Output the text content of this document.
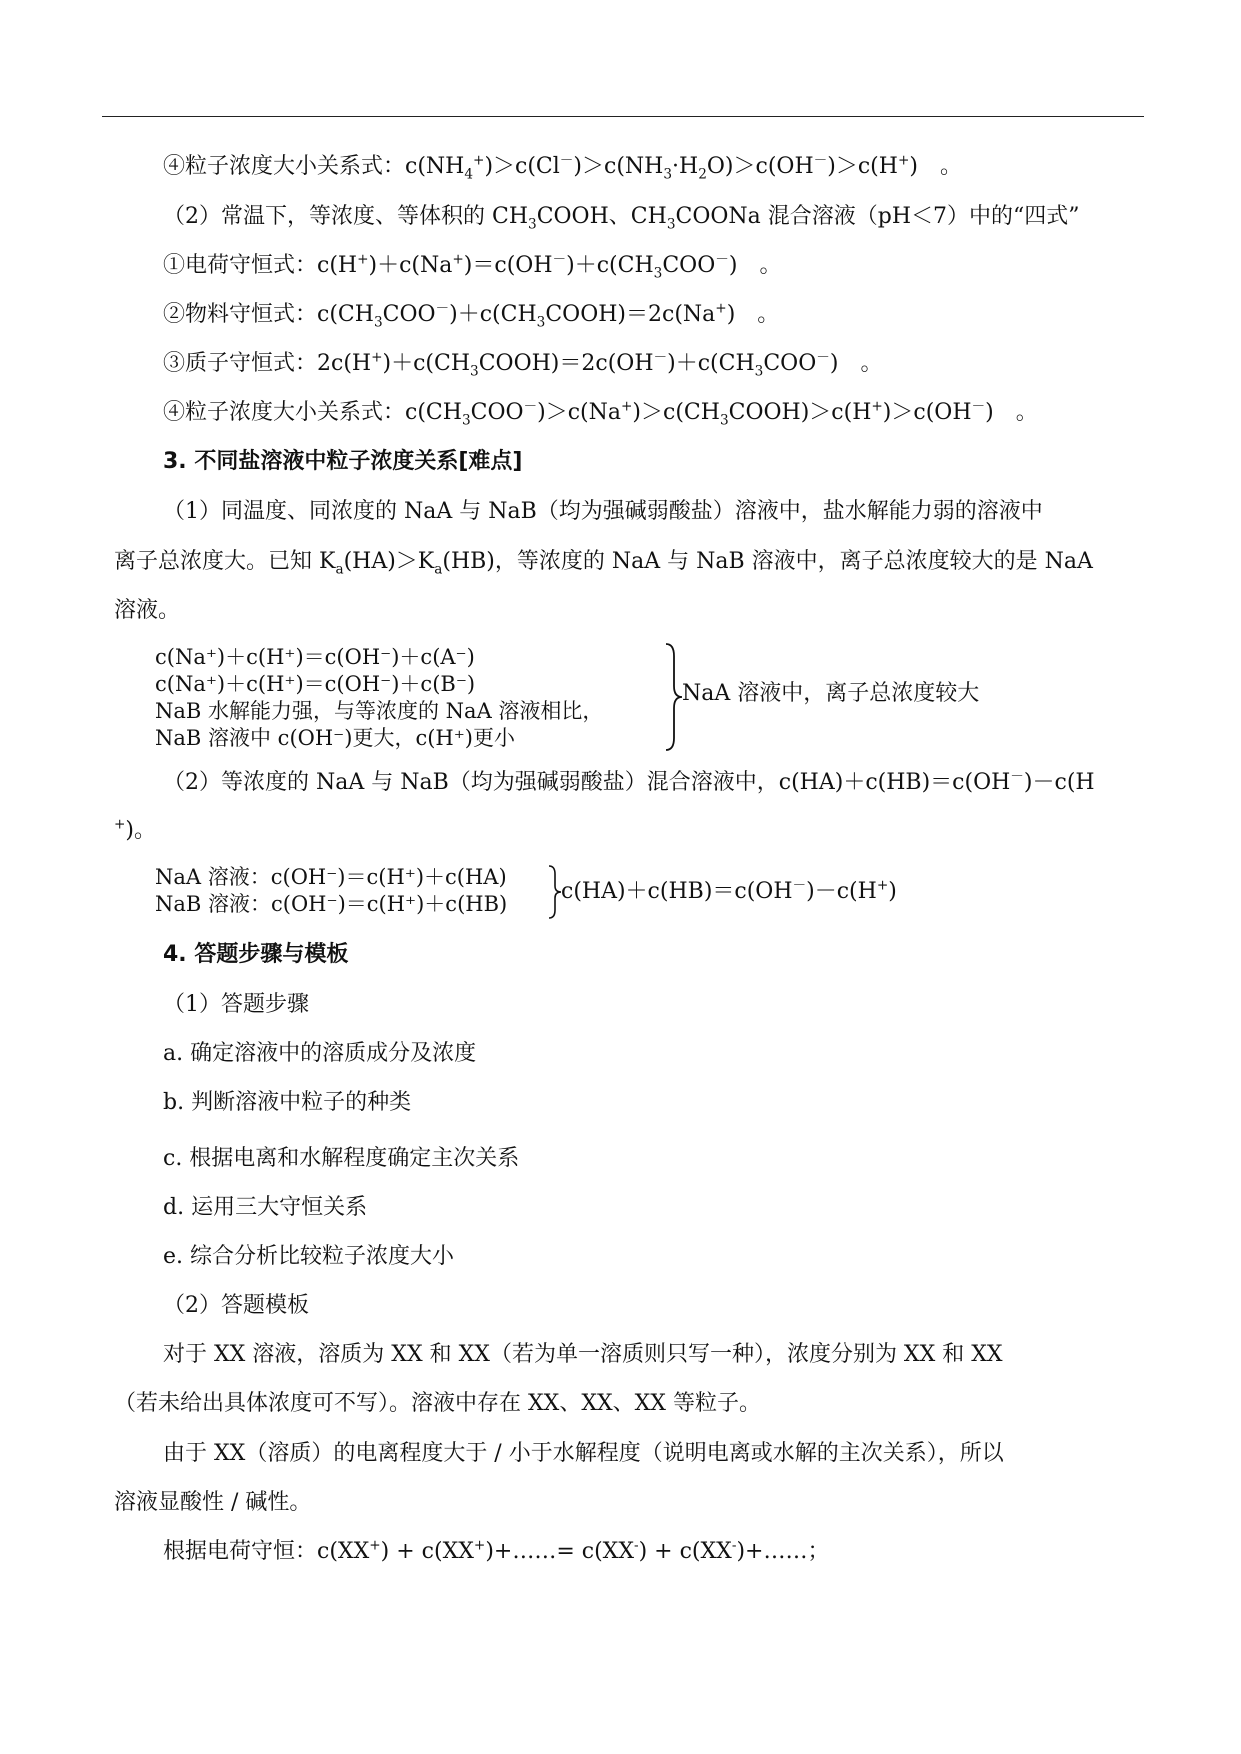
④粒子浓度大小关系式：$c(NH_4^+)>c(Cl^-)>c(NH_3\cdot H_2O)>c(OH^-)>c(H^+)$　。
（2）常温下，等浓度、等体积的 $CH_3COOH$、$CH_3COONa$ 混合溶液（pH＜7）中的“四式”
①电荷守恒式：$c(H^+)+c(Na^+)=c(OH^-)+c(CH_3COO^-)$　。
②物料守恒式：$c(CH_3COO^-)+c(CH_3COOH)=2c(Na^+)$　。
③质子守恒式：$2c(H^+)+c(CH_3COOH)=2c(OH^-)+c(CH_3COO^-)$　。
④粒子浓度大小关系式：$c(CH_3COO^-)>c(Na^+)>c(CH_3COOH)>c(H^+)>c(OH^-)$　。
3. 不同盐溶液中粒子浓度关系[难点]
（1）同温度、同浓度的 NaA 与 NaB（均为强碱弱酸盐）溶液中，盐水解能力弱的溶液中
离子总浓度大。已知 $K_a(HA)>K_a(HB)$，等浓度的 NaA 与 NaB 溶液中，离子总浓度较大的是 NaA
溶液。
c(Na⁺)＋c(H⁺)＝c(OH⁻)＋c(A⁻)
c(Na⁺)＋c(H⁺)＝c(OH⁻)＋c(B⁻)
NaB 水解能力强，与等浓度的 NaA 溶液相比，
NaB 溶液中 c(OH⁻)更大，c(H⁺)更小
NaA 溶液中，离子总浓度较大
（2）等浓度的 NaA 与 NaB（均为强碱弱酸盐）混合溶液中，c(HA)＋c(HB)＝c(OH－)－c(H
+)。
NaA 溶液：c(OH⁻)＝c(H⁺)＋c(HA)
NaB 溶液：c(OH⁻)＝c(H⁺)＋c(HB) c(HA)＋c(HB)＝c(OH－)－c(H+)
4. 答题步骤与模板
（1）答题步骤
a. 确定溶液中的溶质成分及浓度
b. 判断溶液中粒子的种类
c. 根据电离和水解程度确定主次关系
d. 运用三大守恒关系
e. 综合分析比较粒子浓度大小
（2）答题模板
对于 XX 溶液，溶质为 XX 和 XX（若为单一溶质则只写一种），浓度分别为 XX 和 XX
（若未给出具体浓度可不写）。溶液中存在 XX、XX、XX 等粒子。
由于 XX（溶质）的电离程度大于 / 小于水解程度（说明电离或水解的主次关系），所以
溶液显酸性 / 碱性。
根据电荷守恒：c(XX+) + c(XX+)+……= c(XX-) + c(XX-)+……；
